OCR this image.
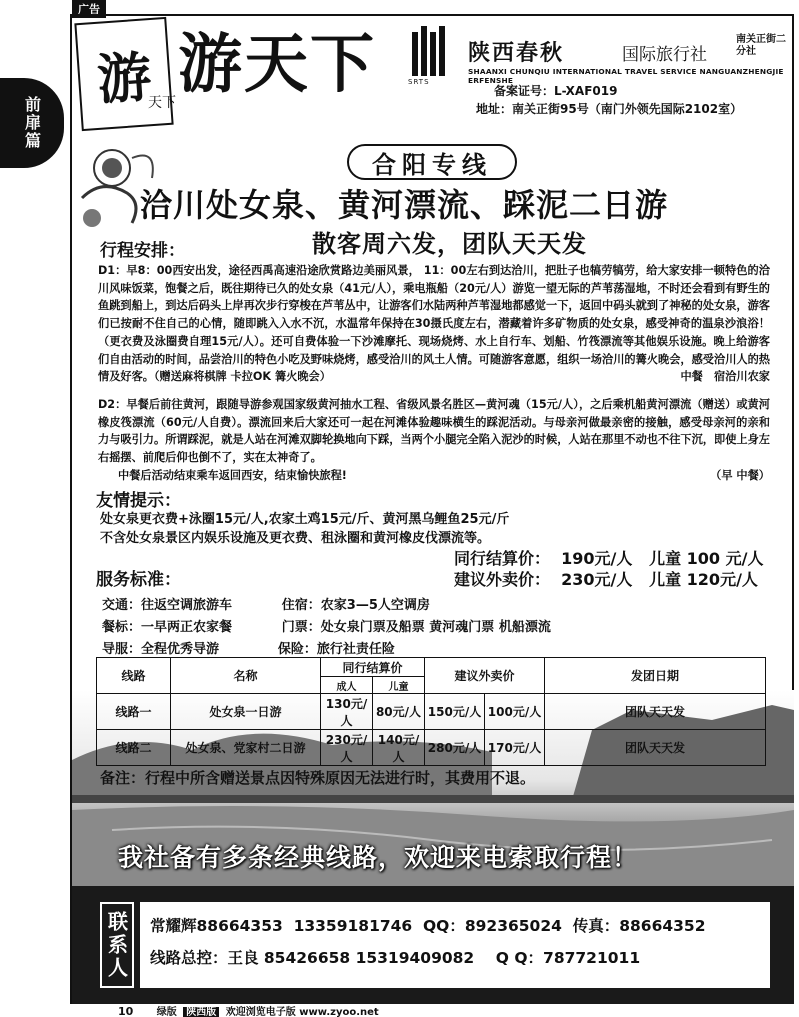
广告
前扉篇
游
天下
游天下	SRTS
陕西春秋	国际旅行社
南关正街二分社
SHAANXI CHUNQIU INTERNATIONAL TRAVEL SERVICE NANGUANZHENGJIE ERFENSHE
备案证号：L-XAF019
地址：南关正街95号（南门外领先国际2102室）
合阳专线
洽川处女泉、黄河漂流、踩泥二日游
行程安排：	散客周六发，团队天天发
D1：早8：00西安出发，途径西禹高速沿途欣赏路边美丽风景， 11：00左右到达洽川，把肚子也犒劳犒劳，给大家安排一顿特色的洽川风味饭菜，饱餐之后，既往期待已久的处女泉（41元/人），乘电瓶船（20元/人）游览一望无际的芦苇荡湿地，不时还会看到有野生的鱼跳到船上，到达后码头上岸再次步行穿梭在芦苇丛中，让游客们水陆两种芦苇湿地都感觉一下，返回中码头就到了神秘的处女泉，游客们已按耐不住自己的心情，随即跳入入水不沉，水温常年保持在30摄氏度左右，潜藏着许多矿物质的处女泉，感受神奇的温泉沙浪浴！（更衣费及泳圈费自理15元/人）。还可自费体验一下沙滩摩托、现场烧烤、水上自行车、划船、竹筏漂流等其他娱乐设施。晚上给游客们自由活动的时间，品尝洽川的特色小吃及野味烧烤，感受洽川的风土人情。可随游客意愿，组织一场洽川的篝火晚会，感受洽川人的热情及好客。（赠送麻将棋牌 卡拉OK 篝火晚会）	中餐　宿洽川农家
D2：早餐后前往黄河，跟随导游参观国家级黄河抽水工程、省级风景名胜区—黄河魂（15元/人），之后乘机船黄河漂流（赠送）或黄河橡皮筏漂流（60元/人自费）。漂流回来后大家还可一起在河滩体验趣味横生的踩泥活动。与母亲河做最亲密的接触，感受母亲河的亲和力与吸引力。所谓踩泥，就是人站在河滩双脚轮换地向下踩，当两个小腿完全陷入泥沙的时候，人站在那里不动也不往下沉，即使上身左右摇摆、前爬后仰也倒不了，实在太神奇了。
中餐后活动结束乘车返回西安，结束愉快旅程!	（早 中餐）
友情提示：
处女泉更衣费+泳圈15元/人,农家土鸡15元/斤、黄河黑乌鲤鱼25元/斤
不含处女泉景区内娱乐设施及更衣费、租泳圈和黄河橡皮伐漂流等。
同行结算价：  190元/人   儿童 100 元/人
建议外卖价：  230元/人   儿童 120元/人
服务标准：
交通：往返空调旅游车           住宿：农家3—5人空调房
餐标：一早两正农家餐           门票：处女泉门票及船票 黄河魂门票 机船漂流
导服：全程优秀导游             保险：旅行社责任险
线路	名称	同行结算价		建议外卖价		发团日期
		成人	儿童			
线路一	处女泉一日游	130元/人	80元/人	150元/人	100元/人	团队天天发
线路二	处女泉、党家村二日游	230元/人	140元/人	280元/人	170元/人	团队天天发
备注：行程中所含赠送景点因特殊原因无法进行时，其费用不退。
我社备有多条经典线路，欢迎来电索取行程！
联系人	常耀辉88664353  13359181746  QQ：892365024  传真：88664352
线路总控：王良 85426658 15319409082    Q Q：787721011
10 绿版 陕西版 欢迎浏览电子版 www.zyoo.net
